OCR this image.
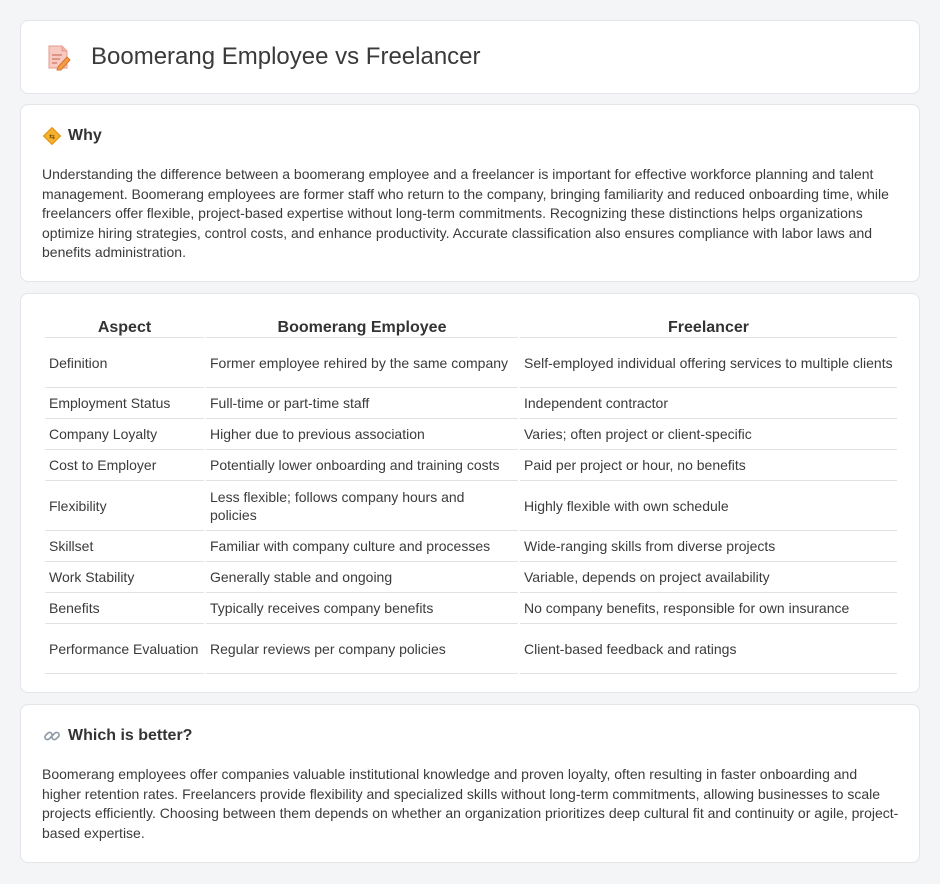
Boomerang Employee vs Freelancer
⇆ Why

Understanding the difference between a boomerang employee and a freelancer is important for effective workforce planning and talent management. Boomerang employees are former staff who return to the company, bringing familiarity and reduced onboarding time, while freelancers offer flexible, project-based expertise without long-term commitments. Recognizing these distinctions helps organizations optimize hiring strategies, control costs, and enhance productivity. Accurate classification also ensures compliance with labor laws and benefits administration.

Aspect	Boomerang Employee	Freelancer
Definition	Former employee rehired by the same company	Self-employed individual offering services to multiple clients
Employment Status	Full-time or part-time staff	Independent contractor
Company Loyalty	Higher due to previous association	Varies; often project or client-specific
Cost to Employer	Potentially lower onboarding and training costs	Paid per project or hour, no benefits
Flexibility	Less flexible; follows company hours and policies	Highly flexible with own schedule
Skillset	Familiar with company culture and processes	Wide-ranging skills from diverse projects
Work Stability	Generally stable and ongoing	Variable, depends on project availability
Benefits	Typically receives company benefits	No company benefits, responsible for own insurance
Performance Evaluation	Regular reviews per company policies	Client-based feedback and ratings
Which is better?

Boomerang employees offer companies valuable institutional knowledge and proven loyalty, often resulting in faster onboarding and higher retention rates. Freelancers provide flexibility and specialized skills without long-term commitments, allowing businesses to scale projects efficiently. Choosing between them depends on whether an organization prioritizes deep cultural fit and continuity or agile, project-based expertise.
